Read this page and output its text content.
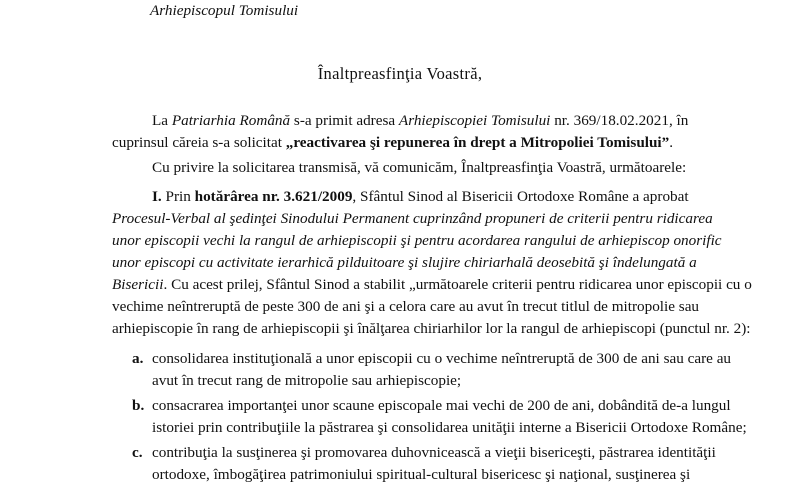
Arhiepiscopul Tomisului
Înaltpreasfinţia Voastră,
La Patriarhia Română s-a primit adresa Arhiepiscopiei Tomisului nr. 369/18.02.2021, în
cuprinsul căreia s-a solicitat „reactivarea şi repunerea în drept a Mitropoliei Tomisului”.
Cu privire la solicitarea transmisă, vă comunicăm, Înaltpreasfinţia Voastră, următoarele:
I. Prin hotărârea nr. 3.621/2009, Sfântul Sinod al Bisericii Ortodoxe Române a aprobat
Procesul-Verbal al şedinţei Sinodului Permanent cuprinzând propuneri de criterii pentru ridicarea
unor episcopii vechi la rangul de arhiepiscopii şi pentru acordarea rangului de arhiepiscop onorific
unor episcopi cu activitate ierarhică pilduitoare şi slujire chiriarhală deosebită şi îndelungată a
Bisericii. Cu acest prilej, Sfântul Sinod a stabilit „următoarele criterii pentru ridicarea unor episcopii cu o
vechime neîntreruptă de peste 300 de ani şi a celora care au avut în trecut titlul de mitropolie sau
arhiepiscopie în rang de arhiepiscopii şi înălţarea chiriarhilor lor la rangul de arhiepiscopi (punctul nr. 2):
a. consolidarea instituţională a unor episcopii cu o vechime neîntreruptă de 300 de ani sau care au
avut în trecut rang de mitropolie sau arhiepiscopie;
b. consacrarea importanţei unor scaune episcopale mai vechi de 200 de ani, dobândită de-a lungul
istoriei prin contribuţiile la păstrarea şi consolidarea unităţii interne a Bisericii Ortodoxe Române;
c. contribuţia la susţinerea şi promovarea duhovnicească a vieţii bisericeşti, păstrarea identităţii
ortodoxe, îmbogăţirea patrimoniului spiritual-cultural bisericesc şi naţional, susţinerea şi
